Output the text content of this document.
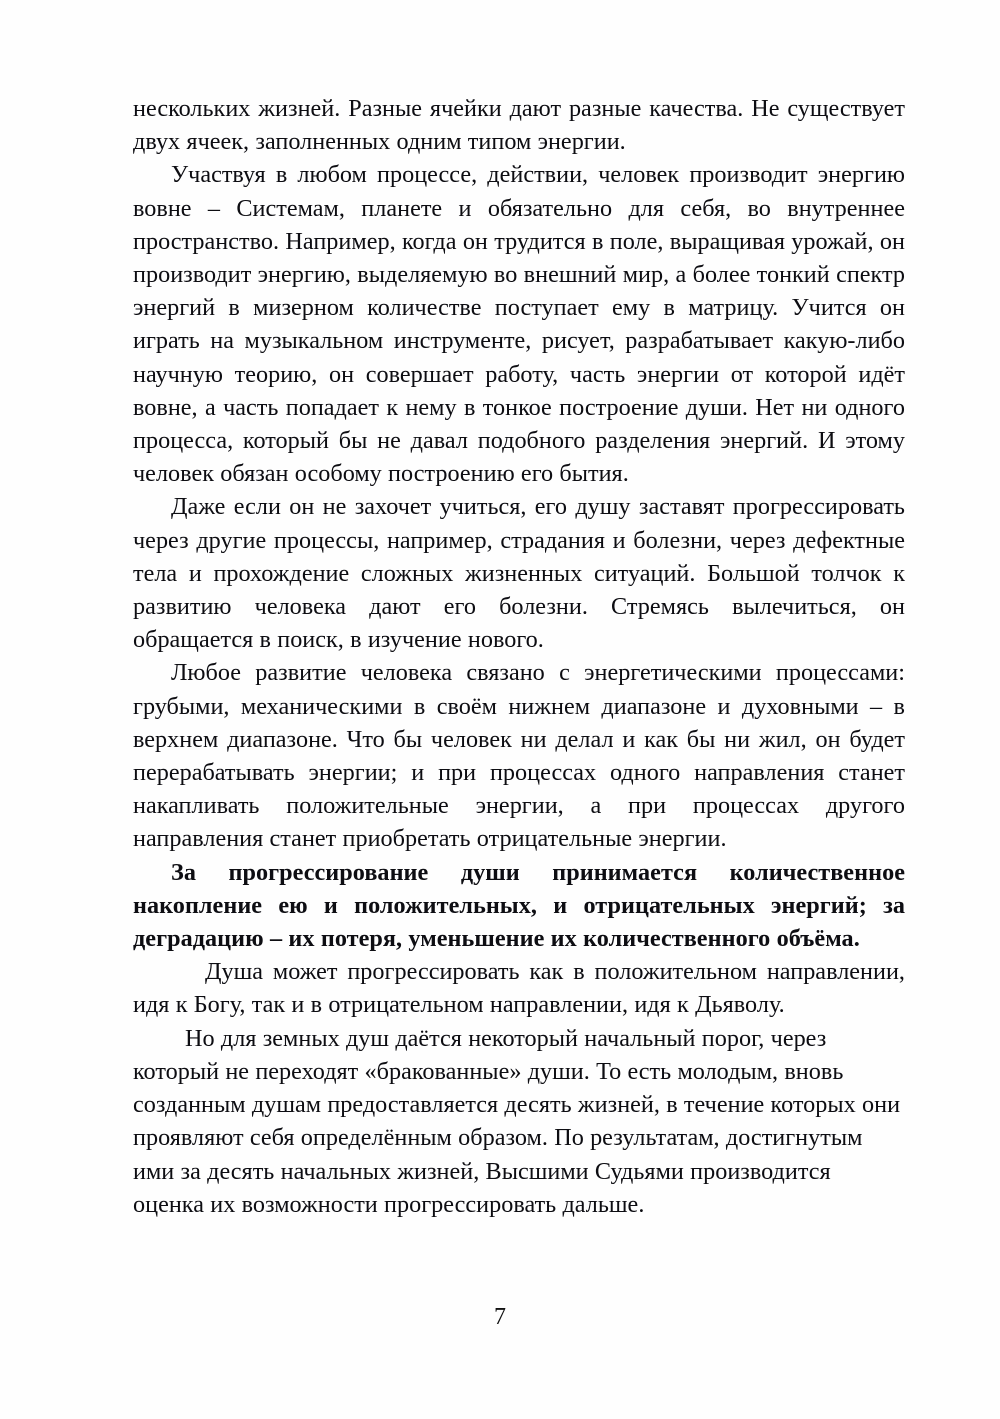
нескольких жизней. Разные ячейки дают разные качества. Не существует двух ячеек, заполненных одним типом энергии.

Участвуя в любом процессе, действии, человек производит энергию вовне – Системам, планете и обязательно для себя, во внутреннее пространство. Например, когда он трудится в поле, выращивая урожай, он производит энергию, выделяемую во внешний мир, а более тонкий спектр энергий в мизерном количестве поступает ему в матрицу. Учится он играть на музыкальном инструменте, рисует, разрабатывает какую-либо научную теорию, он совершает работу, часть энергии от которой идёт вовне, а часть попадает к нему в тонкое построение души. Нет ни одного процесса, который бы не давал подобного разделения энергий. И этому человек обязан особому построению его бытия.

Даже если он не захочет учиться, его душу заставят прогрессировать через другие процессы, например, страдания и болезни, через дефектные тела и прохождение сложных жизненных ситуаций. Большой толчок к развитию человека дают его болезни. Стремясь вылечиться, он обращается в поиск, в изучение нового.

Любое развитие человека связано с энергетическими процессами: грубыми, механическими в своём нижнем диапазоне и духовными – в верхнем диапазоне. Что бы человек ни делал и как бы ни жил, он будет перерабатывать энергии; и при процессах одного направления станет накапливать положительные энергии, а при процессах другого направления станет приобретать отрицательные энергии.

За прогрессирование души принимается количественное накопление ею и положительных, и отрицательных энергий; за деградацию – их потеря, уменьшение их количественного объёма.

Душа может прогрессировать как в положительном направлении, идя к Богу, так и в отрицательном направлении, идя к Дьяволу.

Но для земных душ даётся некоторый начальный порог, через который не переходят «бракованные» души. То есть молодым, вновь созданным душам предоставляется десять жизней, в течение которых они проявляют себя определённым образом. По результатам, достигнутым ими за десять начальных жизней, Высшими Судьями производится оценка их возможности прогрессировать дальше.

7
